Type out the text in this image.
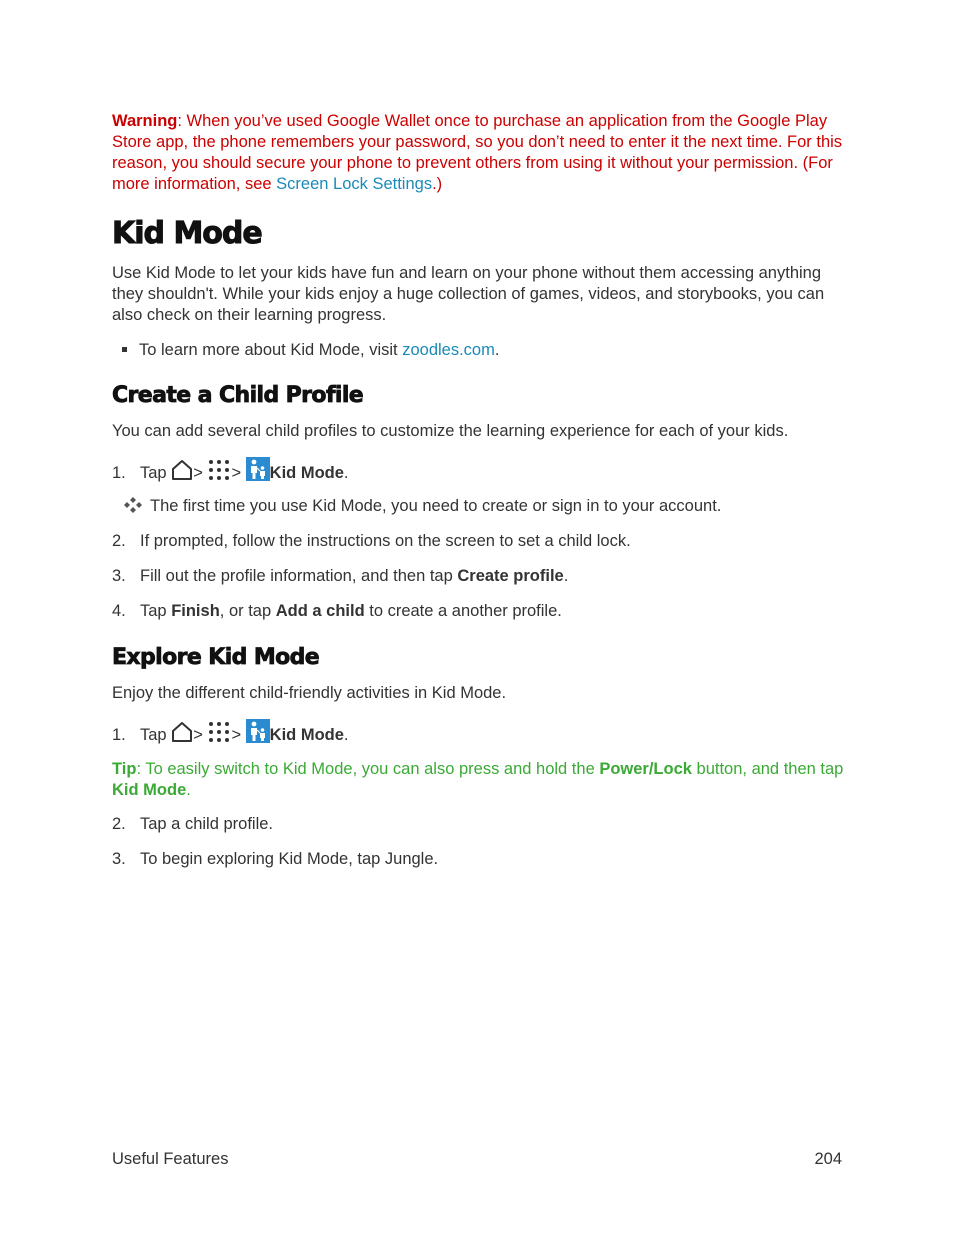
Warning: When you’ve used Google Wallet once to purchase an application from the Google Play Store app, the phone remembers your password, so you don’t need to enter it the next time. For this reason, you should secure your phone to prevent others from using it without your permission. (For more information, see Screen Lock Settings.)
Kid Mode
Use Kid Mode to let your kids have fun and learn on your phone without them accessing anything they shouldn't. While your kids enjoy a huge collection of games, videos, and storybooks, you can also check on their learning progress.
To learn more about Kid Mode, visit zoodles.com.
Create a Child Profile
You can add several child profiles to customize the learning experience for each of your kids.
1. Tap > > Kid Mode.
The first time you use Kid Mode, you need to create or sign in to your account.
2. If prompted, follow the instructions on the screen to set a child lock.
3. Fill out the profile information, and then tap Create profile.
4. Tap Finish, or tap Add a child to create a another profile.
Explore Kid Mode
Enjoy the different child-friendly activities in Kid Mode.
1. Tap > > Kid Mode.
Tip: To easily switch to Kid Mode, you can also press and hold the Power/Lock button, and then tap Kid Mode.
2. Tap a child profile.
3. To begin exploring Kid Mode, tap Jungle.
Useful Features	204
